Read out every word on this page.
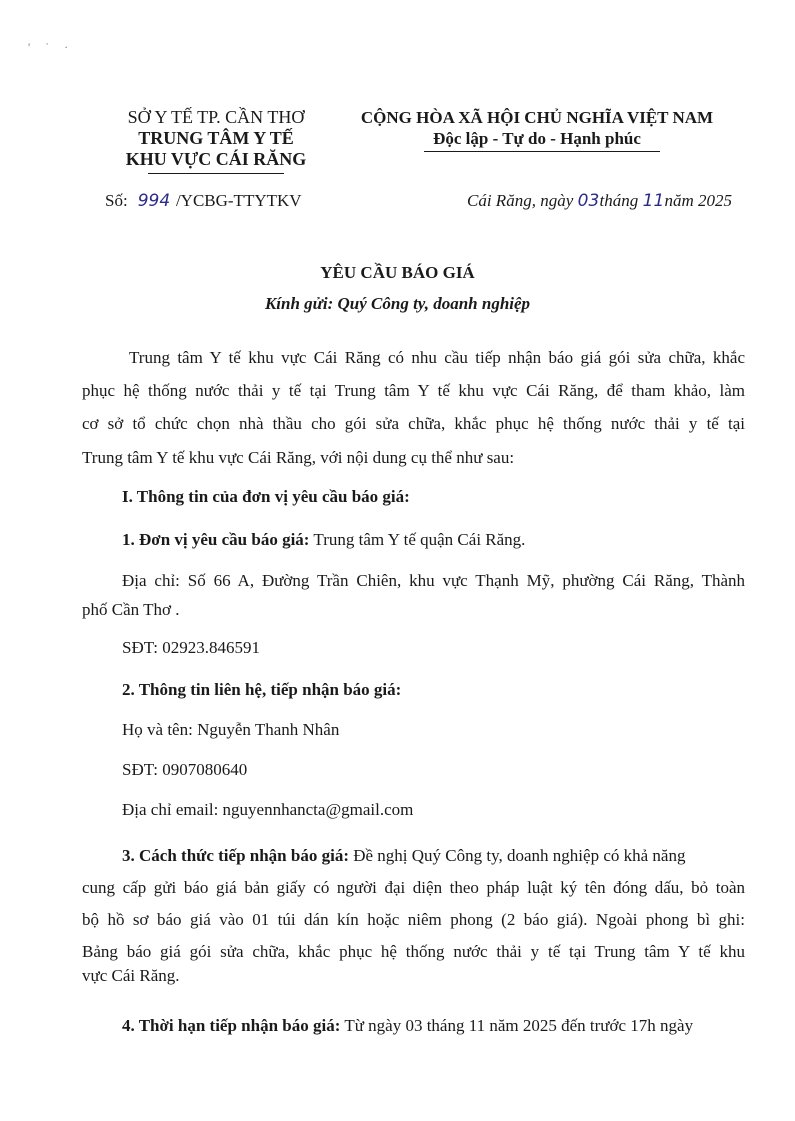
' ˙ ·
SỞ Y TẾ TP. CẦN THƠ
TRUNG TÂM Y TẾ
KHU VỰC CÁI RĂNG
CỘNG HÒA XÃ HỘI CHỦ NGHĨA VIỆT NAM
Độc lập - Tự do - Hạnh phúc
Số: 994 /YCBG-TTYTKV	Cái Răng, ngày 03tháng 11năm 2025
YÊU CẦU BÁO GIÁ
Kính gửi: Quý Công ty, doanh nghiệp
Trung tâm Y tế khu vực Cái Răng có nhu cầu tiếp nhận báo giá gói sửa chữa, khắc
phục hệ thống nước thải y tế tại Trung tâm Y tế khu vực Cái Răng, để tham khảo, làm
cơ sở tổ chức chọn nhà thầu cho gói sửa chữa, khắc phục hệ thống nước thải y tế tại
Trung tâm Y tế khu vực Cái Răng, với nội dung cụ thể như sau:
I. Thông tin của đơn vị yêu cầu báo giá:
1. Đơn vị yêu cầu báo giá: Trung tâm Y tế quận Cái Răng.
Địa chỉ: Số 66 A, Đường Trần Chiên, khu vực Thạnh Mỹ, phường Cái Răng, Thành
phố Cần Thơ .
SĐT: 02923.846591
2. Thông tin liên hệ, tiếp nhận báo giá:
Họ và tên: Nguyễn Thanh Nhân
SĐT: 0907080640
Địa chỉ email: nguyennhancta@gmail.com
3. Cách thức tiếp nhận báo giá: Đề nghị Quý Công ty, doanh nghiệp có khả năng
cung cấp gửi báo giá bản giấy có người đại diện theo pháp luật ký tên đóng dấu, bỏ toàn
bộ hồ sơ báo giá vào 01 túi dán kín hoặc niêm phong (2 báo giá). Ngoài phong bì ghi:
Bảng báo giá gói sửa chữa, khắc phục hệ thống nước thải y tế tại Trung tâm Y tế khu
vực Cái Răng.
4. Thời hạn tiếp nhận báo giá: Từ ngày 03 tháng 11 năm 2025 đến trước 17h ngày
